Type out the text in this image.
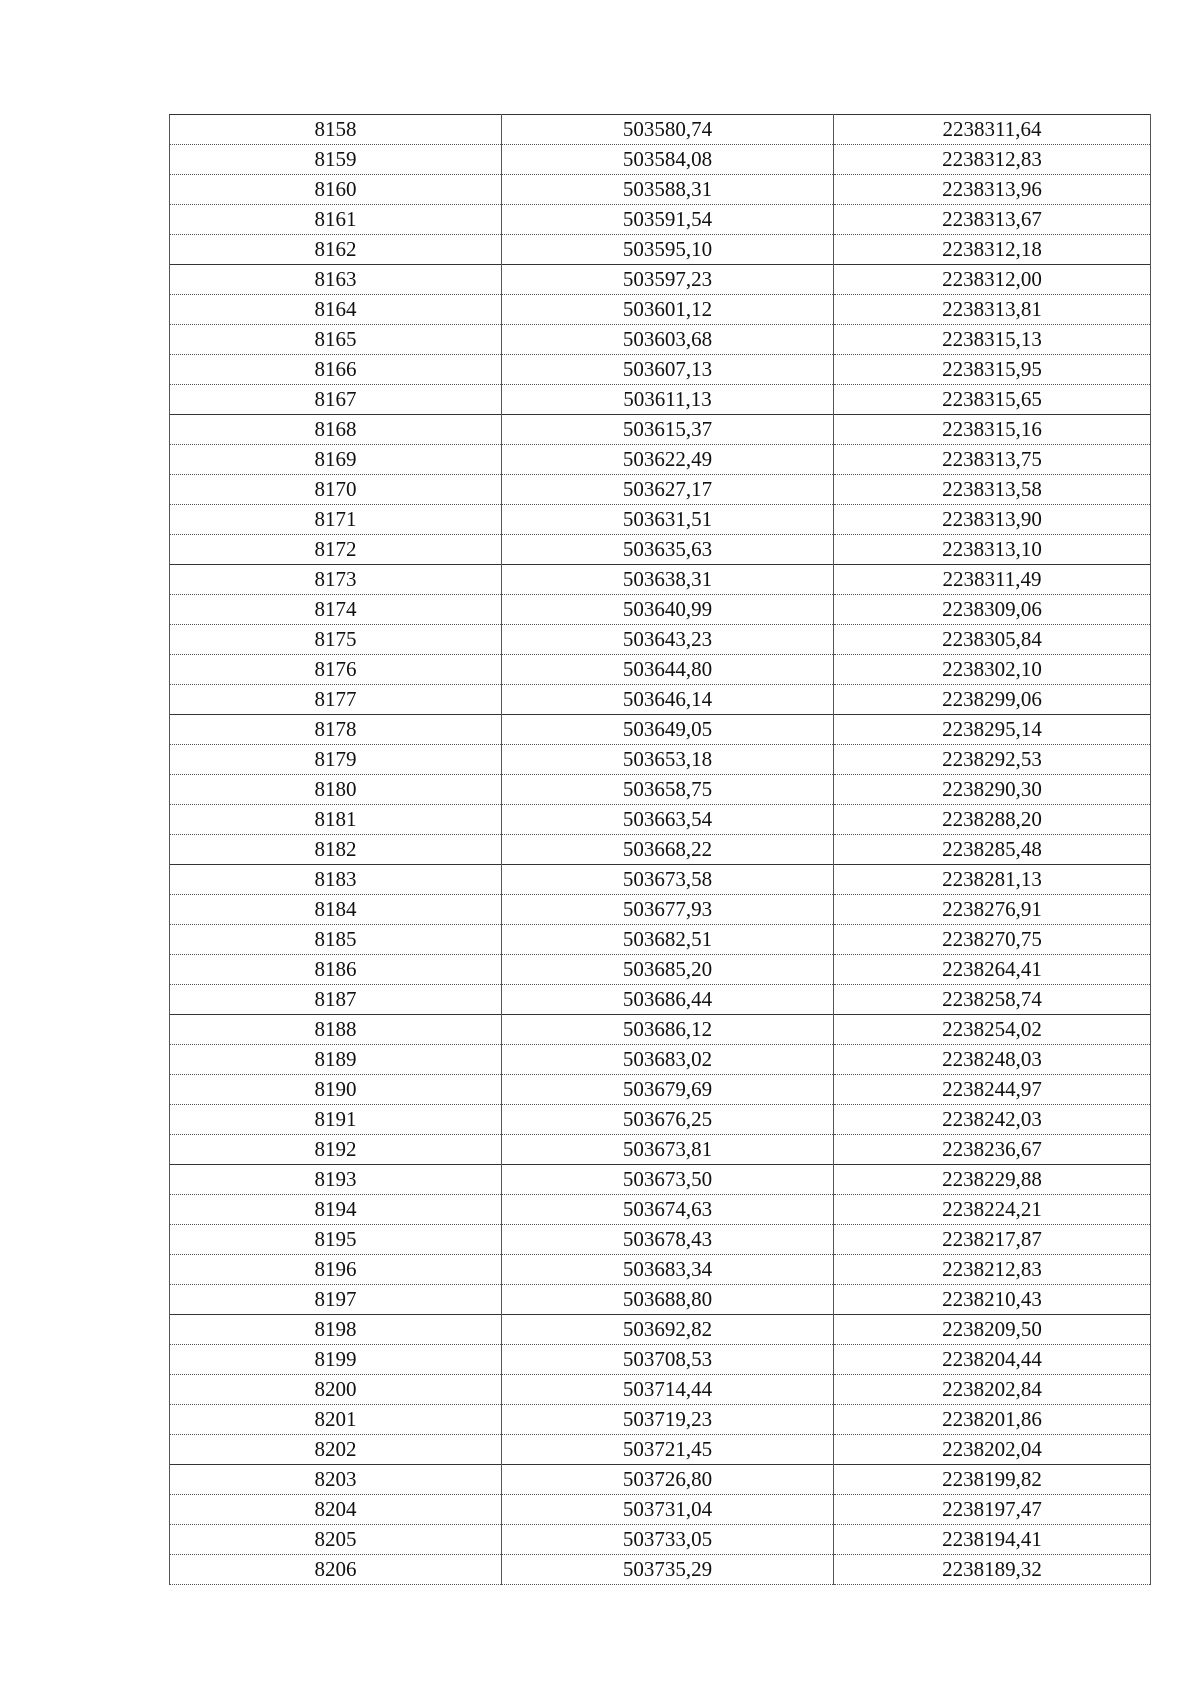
8158	503580,74	2238311,64
8159	503584,08	2238312,83
8160	503588,31	2238313,96
8161	503591,54	2238313,67
8162	503595,10	2238312,18
8163	503597,23	2238312,00
8164	503601,12	2238313,81
8165	503603,68	2238315,13
8166	503607,13	2238315,95
8167	503611,13	2238315,65
8168	503615,37	2238315,16
8169	503622,49	2238313,75
8170	503627,17	2238313,58
8171	503631,51	2238313,90
8172	503635,63	2238313,10
8173	503638,31	2238311,49
8174	503640,99	2238309,06
8175	503643,23	2238305,84
8176	503644,80	2238302,10
8177	503646,14	2238299,06
8178	503649,05	2238295,14
8179	503653,18	2238292,53
8180	503658,75	2238290,30
8181	503663,54	2238288,20
8182	503668,22	2238285,48
8183	503673,58	2238281,13
8184	503677,93	2238276,91
8185	503682,51	2238270,75
8186	503685,20	2238264,41
8187	503686,44	2238258,74
8188	503686,12	2238254,02
8189	503683,02	2238248,03
8190	503679,69	2238244,97
8191	503676,25	2238242,03
8192	503673,81	2238236,67
8193	503673,50	2238229,88
8194	503674,63	2238224,21
8195	503678,43	2238217,87
8196	503683,34	2238212,83
8197	503688,80	2238210,43
8198	503692,82	2238209,50
8199	503708,53	2238204,44
8200	503714,44	2238202,84
8201	503719,23	2238201,86
8202	503721,45	2238202,04
8203	503726,80	2238199,82
8204	503731,04	2238197,47
8205	503733,05	2238194,41
8206	503735,29	2238189,32
